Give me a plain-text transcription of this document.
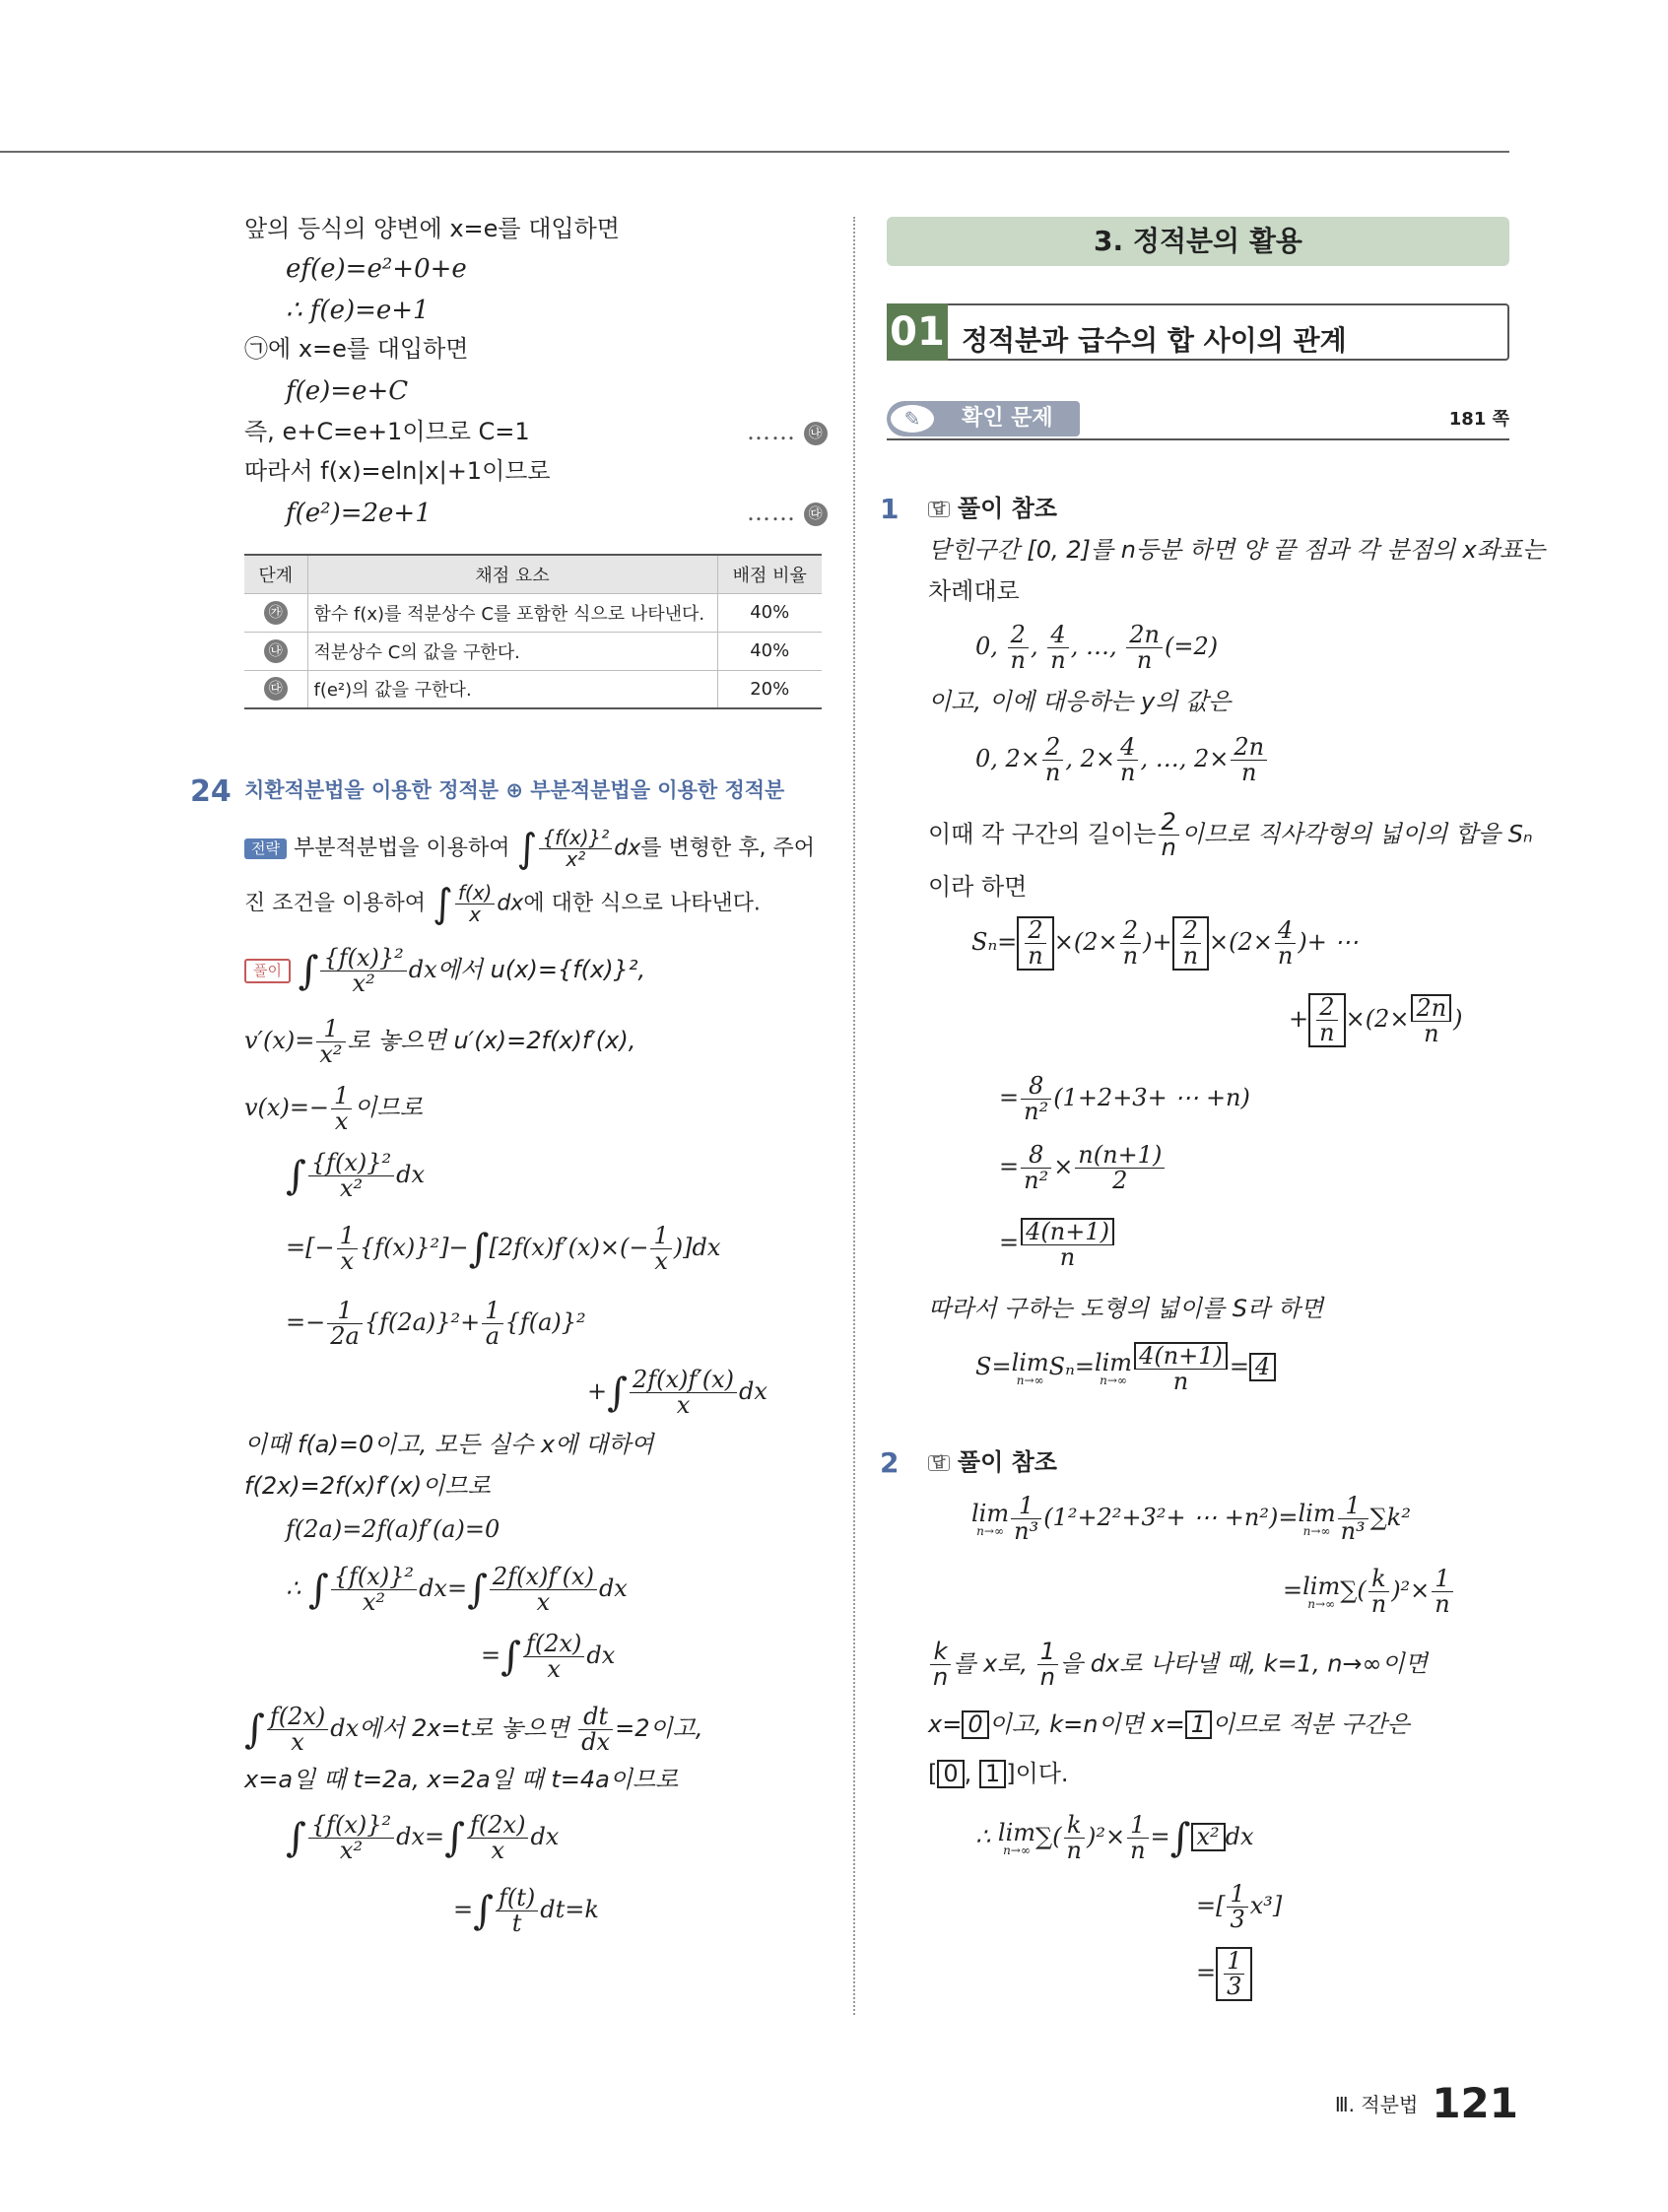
앞의 등식의 양변에 x=e를 대입하면
ef(e)=e²+0+e
∴ f(e)=e+1
㉠에 x=e를 대입하면
f(e)=e+C
즉, e+C=e+1이므로 C=1	…… ㉯
따라서 f(x)=eln|x|+1이므로
f(e²)=2e+1	…… ㉰
단계	채점 요소	배점 비율
㉮	함수 f(x)를 적분상수 C를 포함한 식으로 나타낸다.	40%
㉯	적분상수 C의 값을 구한다.	40%
㉰	f(e²)의 값을 구한다.	20%
24 치환적분법을 이용한 정적분 ⊕ 부분적분법을 이용한 정적분
전략 부분적분법을 이용하여 ∫ $\frac{\text{\{f(x)\}²}}{\text{x²}}$ dx를 변형한 후, 주어
진 조건을 이용하여 ∫ $\frac{f(x)}{x}$ dx에 대한 식으로 나타낸다.
풀이 ∫ $\frac{\text{\{f(x)\}²}}{\text{x²}}$ dx에서 u(x)={f(x)}²,
$v'(x)= \frac{1}{\text{x²}}$ 로 놓으면 u′(x)=2f(x)f′(x),
$v(x)=- \frac{1}{x}$ 이므로
∫ $\frac{\text{\{f(x)\}²}}{\text{x²}}$ dx
=[− $\frac{1}{x} \{f(x)\}^2]-\int[2f(x)f'(x)\times(- \frac{1}{x} )]dx$
=− $\frac{1}{2a} \{f(2a)\}^2+ \frac{1}{a} \{f(a)\}^2$
+∫ $\frac{2f(x)f'(x)}{x}$ dx
이때 f(a)=0이고, 모든 실수 x에 대하여
f(2x)=2f(x)f′(x)이므로
f(2a)=2f(a)f′(a)=0
∴ ∫ $\frac{\text{\{f(x)\}²}}{\text{x²}} dx=\int \frac{2f(x)f'(x)}{x}$ dx
=∫ $\frac{f(2x)}{x}$ dx
∫ $\frac{f(2x)}{x}$ dx에서 2x=t로 놓으면 $\frac{dt}{dx} =2$이고,
x=a일 때 t=2a, x=2a일 때 t=4a이므로
∫ $\frac{\text{\{f(x)\}²}}{\text{x²}} dx=\int \frac{f(2x)}{x}$ dx
=∫ $\frac{f(t)}{t} dt=k$
3. 정적분의 활용
01 정적분과 급수의 합 사이의 관계
확인 문제
✎	181 쪽
1 답 풀이 참조
닫힌구간 [0, 2]를 n등분 하면 양 끝 점과 각 분점의 x좌표는
차례대로
0, $\frac{2}{n}$ , $\frac{4}{n}$ , …, $\frac{2n}{n} (=2)$
이고, 이에 대응하는 y의 값은
0, $2\times \frac{2}{n}$ , $2\times \frac{4}{n}$ , …, $2\times \frac{2n}{n}$
이때 각 구간의 길이는 $\frac{2}{n}$ 이므로 직사각형의 넓이의 합을 Sₙ
이라 하면
$S_n= \frac{2}{n} \times(2\times \frac{2}{n}$ )+ $\frac{2}{n} \times(2\times \frac{4}{n}$ )+ ⋯
+ $\frac{2}{n} \times(2\times \frac{2n}{n}$ )
= $\frac{8}{\text{n²}} (1+2+3+$ ⋯ +n)
= $\frac{8}{\text{n²}} \times \frac{n(n+1)}{2}$
= $\frac{4(n+1)}{n}$
따라서 구하는 도형의 넓이를 S라 하면
S=lim
n→∞ Sₙ=lim
$n\to\infty \frac{4(n+1)}{n} = 4$
2 답 풀이 참조
lim
$n\to\infty \frac{1}{\text{n³}} (1^2+2^2+3^2+$ ⋯ +n²)=lim
$n\to\infty \frac{1}{\text{n³}} \sum k^2$
=lim
n→∞ ∑( $\frac{k}{n} )^2\times \frac{1}{n}$
$\frac{k}{n}$ 를 x로, $\frac{1}{n}$ 을 dx로 나타낼 때, k=1, n→∞이면
x= 0 이고, k=n이면 x= 1 이므로 적분 구간은
[ 0 , 1 ]이다.
∴ lim
n→∞ ∑( $\frac{k}{n} )^2\times \frac{1}{n}$ =∫ x² dx
=[ $\frac{1}{3} x^3$]
= $\frac{1}{3}$
Ⅲ. 적분법 121
